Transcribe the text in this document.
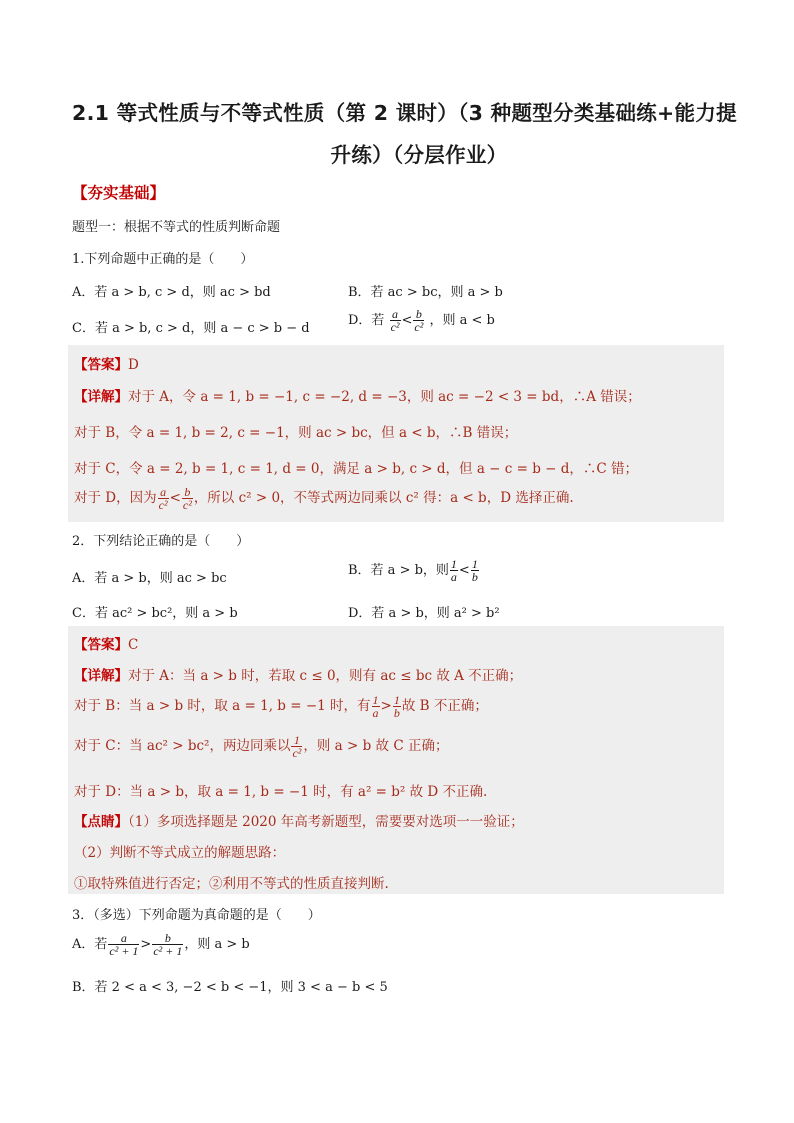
2.1 等式性质与不等式性质（第 2 课时）（3 种题型分类基础练+能力提
升练）（分层作业）
【夯实基础】
题型一：根据不等式的性质判断命题
1.下列命题中正确的是（　　）
A．若 a > b, c > d，则 ac > bd	B．若 ac > bc，则 a > b
C．若 a > b, c > d，则 a − c > b − d
D．若 $\frac{a}{\text{c²}} < \frac{b}{\text{c²}}$ ，则 a < b
【答案】D
【详解】对于 A，令 a = 1, b = −1, c = −2, d = −3，则 ac = −2 < 3 = bd，∴A 错误；
对于 B，令 a = 1, b = 2, c = −1，则 ac > bc，但 a < b，∴B 错误；
对于 C，令 a = 2, b = 1, c = 1, d = 0，满足 a > b, c > d，但 a − c = b − d，∴C 错；
对于 D，因为 $\frac{a}{\text{c²}} < \frac{b}{\text{c²}}$ ，所以 c² > 0，不等式两边同乘以 c² 得：a < b，D 选择正确.
2．下列结论正确的是（　　）
A．若 a > b，则 ac > bc
B．若 a > b，则 $\frac{1}{a} < \frac{1}{b}$
C．若 ac² > bc²，则 a > b	D．若 a > b，则 a² > b²
【答案】C
【详解】对于 A：当 a > b 时，若取 c ≤ 0，则有 ac ≤ bc 故 A 不正确；
对于 B：当 a > b 时，取 a = 1, b = −1 时，有 $\frac{1}{a} > \frac{1}{b}$ 故 B 不正确；
对于 C：当 ac² > bc²，两边同乘以 $\frac{1}{\text{c²}}$ ，则 a > b 故 C 正确；
对于 D：当 a > b，取 a = 1, b = −1 时，有 a² = b² 故 D 不正确.
【点睛】（1）多项选择题是 2020 年高考新题型，需要要对选项一一验证；
（2）判断不等式成立的解题思路：
①取特殊值进行否定；②利用不等式的性质直接判断.
3．（多选）下列命题为真命题的是（　　）
A．若 $\frac{a}{\text{c² + 1}} > \frac{b}{\text{c² + 1}}$ ，则 a > b
B．若 2 < a < 3, −2 < b < −1，则 3 < a − b < 5
